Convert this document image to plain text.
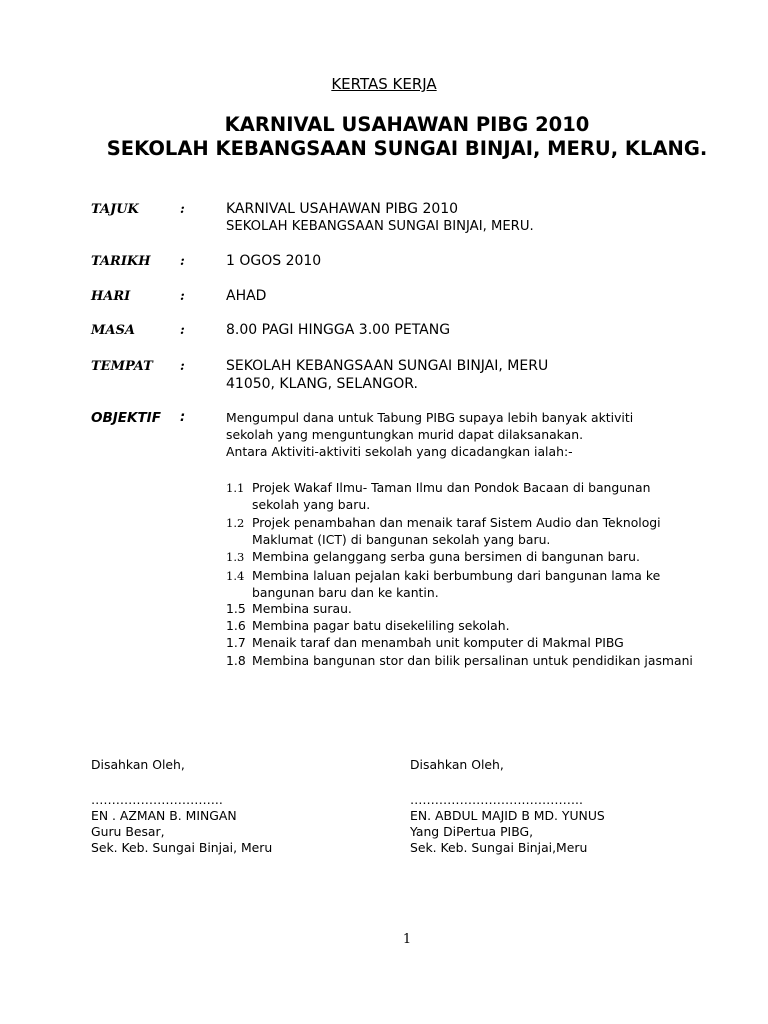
KERTAS KERJA
KARNIVAL USAHAWAN PIBG 2010
SEKOLAH KEBANGSAAN SUNGAI BINJAI, MERU, KLANG.
TAJUK	:	KARNIVAL USAHAWAN PIBG 2010
SEKOLAH KEBANGSAAN SUNGAI BINJAI, MERU.
TARIKH :	1 OGOS 2010
HARI	:	AHAD
MASA	:	8.00 PAGI HINGGA 3.00 PETANG
TEMPAT :	SEKOLAH KEBANGSAAN SUNGAI BINJAI, MERU
41050, KLANG, SELANGOR.
OBJEKTIF :	Mengumpul dana untuk Tabung PIBG supaya lebih banyak aktiviti
sekolah yang menguntungkan murid dapat dilaksanakan.
Antara Aktiviti-aktiviti sekolah yang dicadangkan ialah:-
1.1 Projek Wakaf Ilmu- Taman Ilmu dan Pondok Bacaan di bangunan
sekolah yang baru.
1.2 Projek penambahan dan menaik taraf Sistem Audio dan Teknologi
Maklumat (ICT) di bangunan sekolah yang baru.
1.3 Membina gelanggang serba guna bersimen di bangunan baru.
1.4 Membina laluan pejalan kaki berbumbung dari bangunan lama ke
bangunan baru dan ke kantin.
1.5 Membina surau.
1.6 Membina pagar batu disekeliling sekolah.
1.7 Menaik taraf dan menambah unit komputer di Makmal PIBG
1.8 Membina bangunan stor dan bilik persalinan untuk pendidikan jasmani
Disahkan Oleh,
…………………………..
EN . AZMAN B. MINGAN
Guru Besar,
Sek. Keb. Sungai Binjai, Meru
Disahkan Oleh,
……………………….…………..
EN. ABDUL MAJID B MD. YUNUS
Yang DiPertua PIBG,
Sek. Keb. Sungai Binjai,Meru
1
